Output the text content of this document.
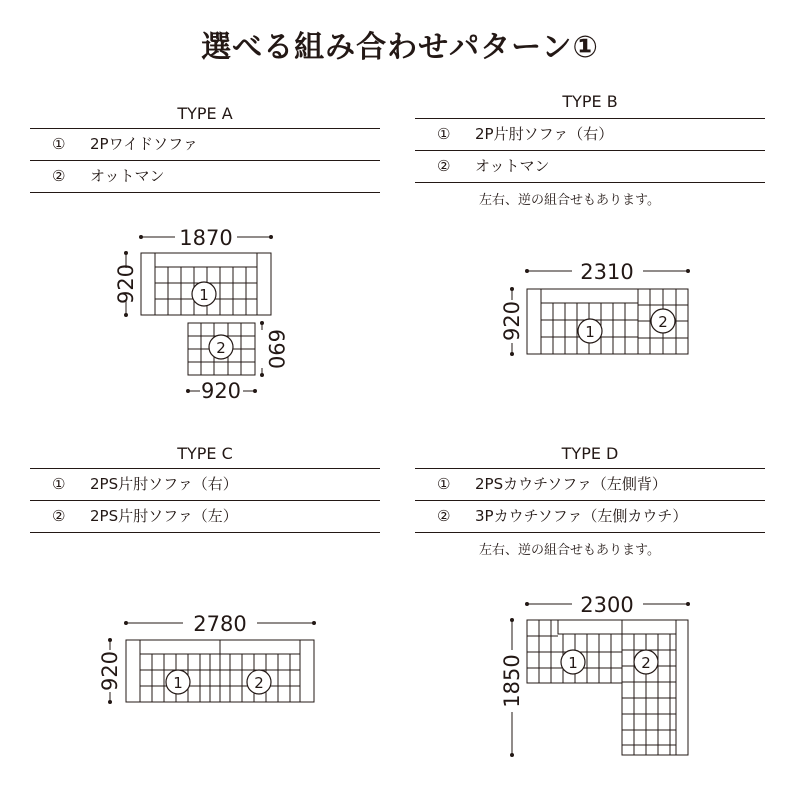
選べる組み合わせパターン①
TYPE A
① 2Pワイドソファ
② オットマン
TYPE B
① 2P片肘ソファ（右）
② オットマン
左右、逆の組合せもあります。
TYPE C
① 2PS片肘ソファ（右）
② 2PS片肘ソファ（左）
TYPE D
① 2PSカウチソファ（左側背）
② 3Pカウチソファ（左側カウチ）
左右、逆の組合せもあります。
1
2
1
2
1	2
1	2
1870
920
920
690
2310
920
2780
920
2300
1850
